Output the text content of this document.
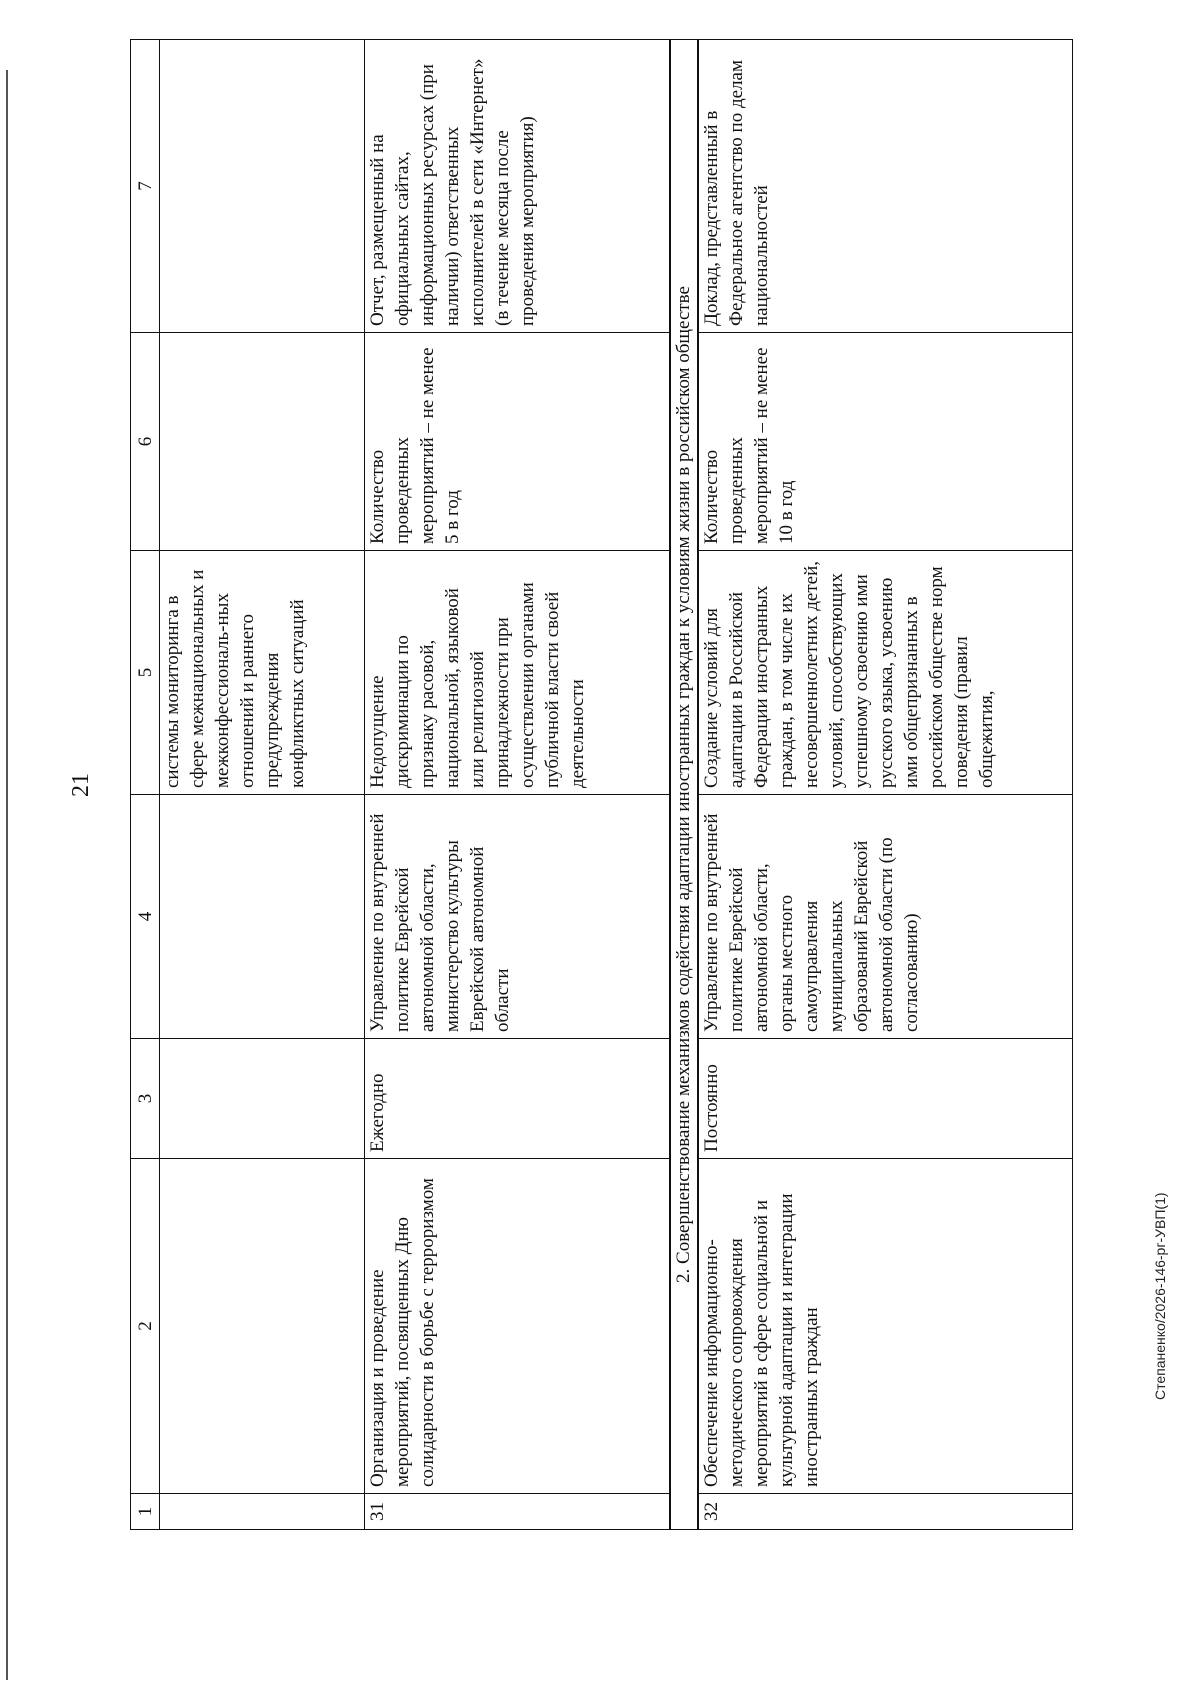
21
1	2	3	4	5	6	7
				системы мониторинга в сфере межнациональных и межконфессиональ-ных отношений и раннего предупреждения конфликтных ситуаций		
31	Организация и проведение мероприятий, посвященных Дню солидарности в борьбе с терроризмом	Ежегодно	Управление по внутренней политике Еврейской автономной области, министерство культуры Еврейской автономной области	Недопущение дискриминации по признаку расовой, национальной, языковой или религиозной принадлежности при осуществлении органами публичной власти своей деятельности	Количество проведенных мероприятий – не менее 5 в год	Отчет, размещенный на официальных сайтах, информационных ресурсах (при наличии) ответственных исполнителей в сети «Интернет» (в течение месяца после проведения мероприятия)
2. Совершенствование механизмов содействия адаптации иностранных граждан к условиям жизни в российском обществе						
32	Обеспечение информационно-методического сопровождения мероприятий в сфере социальной и культурной адаптации и интеграции иностранных граждан	Постоянно	Управление по внутренней политике Еврейской автономной области, органы местного самоуправления муниципальных образований Еврейской автономной области (по согласованию)	Создание условий для адаптации в Российской Федерации иностранных граждан, в том числе их несовершеннолетних детей, условий, способствующих успешному освоению ими русского языка, усвоению ими общепризнанных в российском обществе норм поведения (правил общежития,	Количество проведенных мероприятий – не менее 10 в год	Доклад, представленный в Федеральное агентство по делам национальностей
Степаненко/2026-146-рг-УВП(1)
